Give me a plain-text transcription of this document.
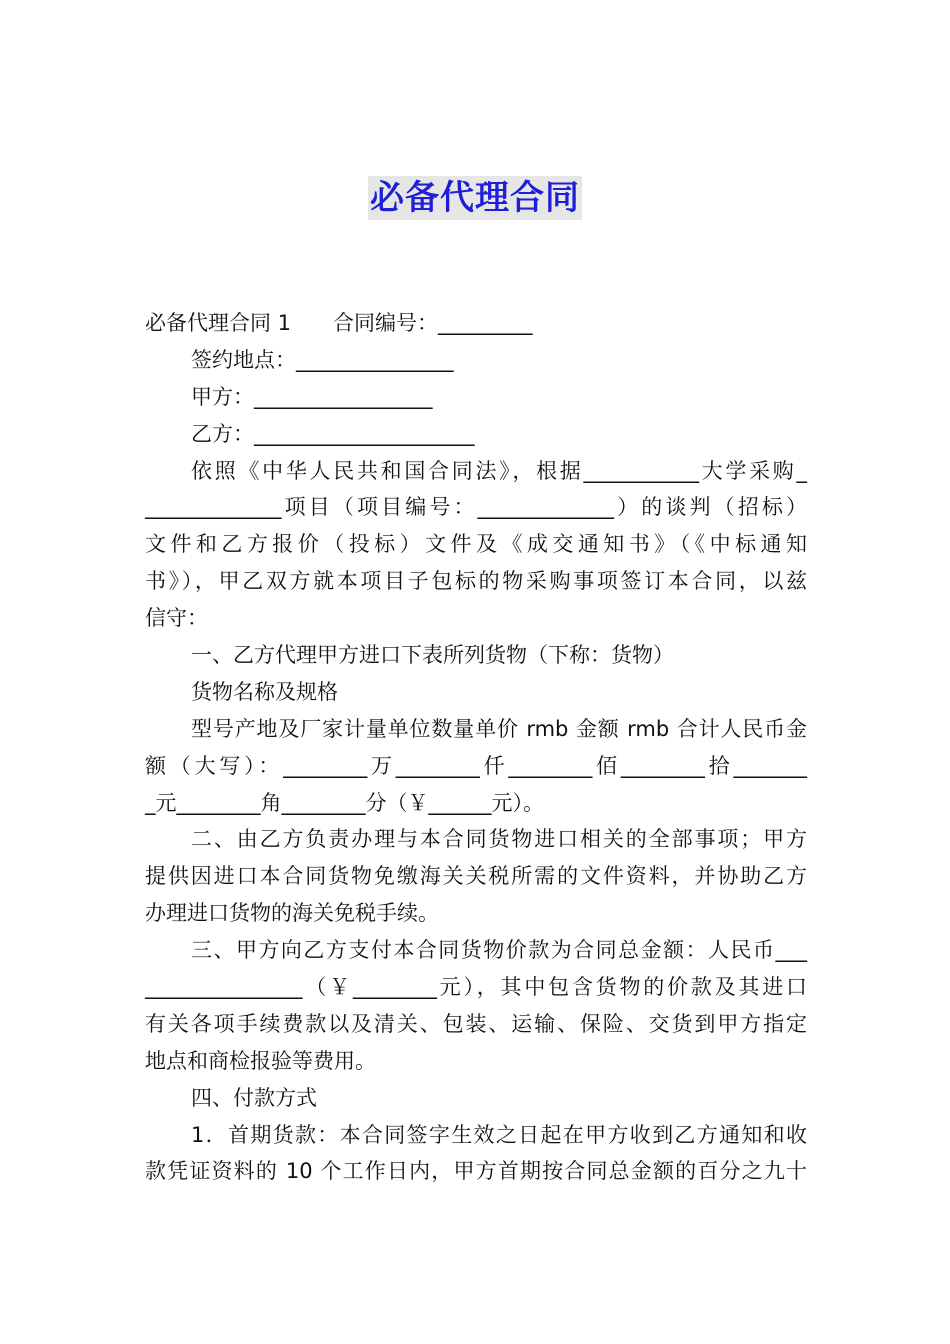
必备代理合同
必备代理合同 1　　合同编号：_________
签约地点：_______________
甲方：_________________
乙方：_____________________
依照《中华人民共和国合同法》，根据___________大学采购_
_____________项目（项目编号：_____________）的谈判（招标）
文件和乙方报价（投标）文件及《成交通知书》（《中标通知
书》），甲乙双方就本项目子包标的物采购事项签订本合同，以兹
信守：
一、乙方代理甲方进口下表所列货物（下称：货物）
货物名称及规格
型号产地及厂家计量单位数量单价 rmb 金额 rmb 合计人民币金
额（大写）：________万________仟________佰________拾_______
_元________角________分（￥______元）。
二、由乙方负责办理与本合同货物进口相关的全部事项；甲方
提供因进口本合同货物免缴海关关税所需的文件资料，并协助乙方
办理进口货物的海关免税手续。
三、甲方向乙方支付本合同货物价款为合同总金额：人民币___
_______________（￥________元），其中包含货物的价款及其进口
有关各项手续费款以及清关、包装、运输、保险、交货到甲方指定
地点和商检报验等费用。
四、付款方式
1．首期货款：本合同签字生效之日起在甲方收到乙方通知和收
款凭证资料的 10 个工作日内，甲方首期按合同总金额的百分之九十
